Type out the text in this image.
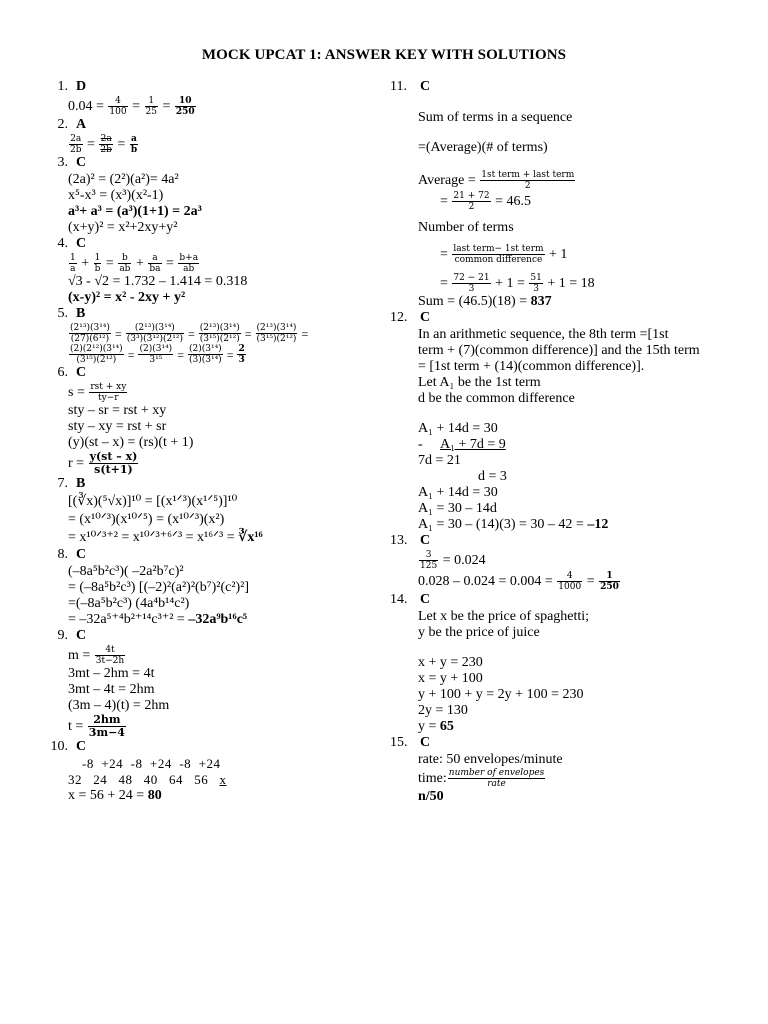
MOCK UPCAT 1: ANSWER KEY WITH SOLUTIONS
1. D
$0.04 = \frac{4}{100} = \frac{1}{25} = \frac{10}{250}$
2. A
$\frac{2a}{2b} = \frac{2a}{2b} = \frac{a}{b}$
3. C
(2a)² = (2²)(a²)= 4a²
x⁵-x³ = (x³)(x²-1)
a³+ a³ = (a³)(1+1) = 2a³
(x+y)² = x²+2xy+y²
4. C
$\frac{1}{a} + \frac{1}{b} = \frac{b}{ab} + \frac{a}{ba} = \frac{b+a}{ab}$
√3 - √2 = 1.732 – 1.414 = 0.318
(x-y)² = x² - 2xy + y²
5. B
$\frac{\text{(2¹³)(3¹⁴)}}{\text{(27)(6¹²)}} = \frac{\text{(2¹³)(3¹⁴)}}{\text{(3³)(3¹²)(2¹²)}} = \frac{\text{(2¹³)(3¹⁴)}}{\text{(3¹⁵)(2¹²)}} = \frac{\text{(2¹³)(3¹⁴)}}{\text{(3¹⁵)(2¹²)}}$ =
$\frac{\text{(2)(2¹²)(3¹⁴)}}{\text{(3¹⁵)(2¹²)}} = \frac{\text{(2)(3¹⁴)}}{\text{3¹⁵}} = \frac{\text{(2)(3¹⁴)}}{\text{(3)(3¹⁴)}} = \frac{2}{3}$
6. C
$s = \frac{\text{rst + xy}}{ty-r}$
sty – sr = rst + xy
sty – xy = rst + sr
(y)(st – x) = (rs)(t + 1)
$r = \frac{y(st - x)}{s(t+1)}$
7. B
[(∛x)(⁵√x)]¹⁰ = [(x¹ᐟ³)(x¹ᐟ⁵)]¹⁰
= (x¹⁰ᐟ³)(x¹⁰ᐟ⁵) = (x¹⁰ᐟ³)(x²)
= x¹⁰ᐟ³⁺² = x¹⁰ᐟ³⁺⁶ᐟ³ = x¹⁶ᐟ³ = ∛x¹⁶
8. C
(–8a⁵b²c³)( –2a²b⁷c)²
= (–8a⁵b²c³) [(–2)²(a²)²(b⁷)²(c²)²]
=(–8a⁵b²c³) (4a⁴b¹⁴c²)
= –32a⁵⁺⁴b²⁺¹⁴c³⁺² = –32a⁹b¹⁶c⁵
9. C
$m = \frac{4t}{3t-2h}$
3mt – 2hm = 4t
3mt – 4t = 2hm
(3m – 4)(t) = 2hm
$t = \frac{2hm}{3m-4}$
10. C
-8  +24  -8  +24  -8  +24
32   24   48   40   64   56   x
x = 56 + 24 = 80
11. C
Sum of terms in a sequence
=(Average)(# of terms)
Average = $\frac{\text{1st term + last term}}{2}$
= $\frac{21 + 72}{2} = 46.5$
Number of terms
= $\frac{\text{last term− 1st term}}{\text{common difference}} + 1$
= $\frac{72 - 21}{3} + 1 = \frac{51}{3} + 1 = 18$
Sum = (46.5)(18) = 837
12. C
In an arithmetic sequence, the 8th term =[1st
term + (7)(common difference)] and the 15th term
= [1st term + (14)(common difference)].
Let A₁ be the 1st term
d be the common difference
A₁ + 14d = 30
- A₁ + 7d = 9
7d = 21
d = 3
A₁ + 14d = 30
A₁ = 30 – 14d
A₁ = 30 – (14)(3) = 30 – 42 = –12
13. C
$\frac{3}{125} = 0.024$
$0.028 - 0.024 = 0.004 = \frac{4}{1000} = \frac{1}{250}$
14. C
Let x be the price of spaghetti;
y be the price of juice
x + y = 230
x = y + 100
y + 100 + y = 2y + 100 = 230
2y = 130
y = 65
15. C
rate: 50 envelopes/minute
time: $\frac{\text{number of envelopes}}{\text{rate}}$
n/50
